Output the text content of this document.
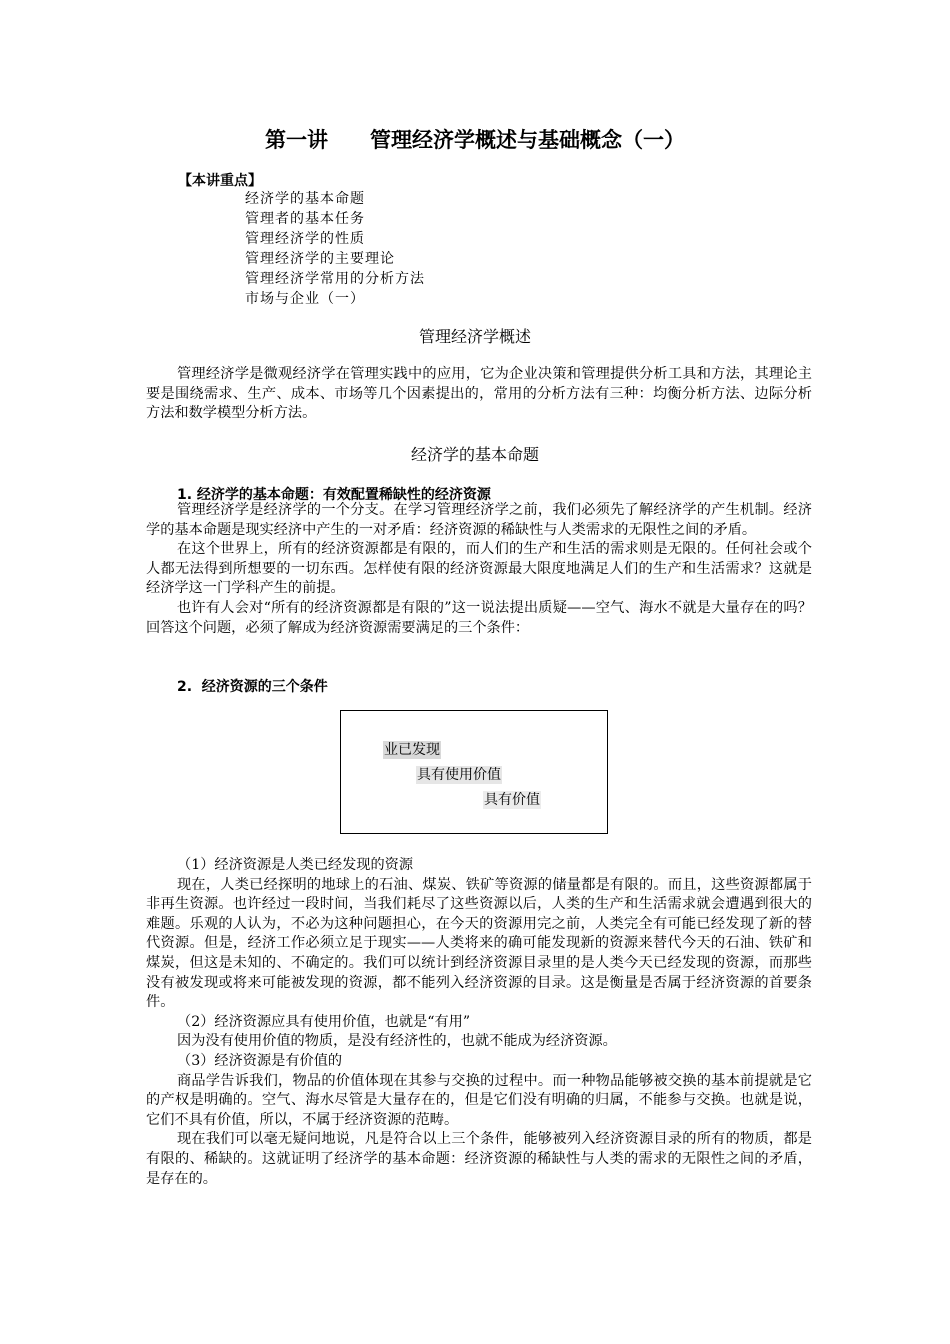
第一讲　　管理经济学概述与基础概念（一）
【本讲重点】
经济学的基本命题
管理者的基本任务
管理经济学的性质
管理经济学的主要理论
管理经济学常用的分析方法
市场与企业（一）
管理经济学概述

管理经济学是微观经济学在管理实践中的应用，它为企业决策和管理提供分析工具和方法，其理论主要是围绕需求、生产、成本、市场等几个因素提出的，常用的分析方法有三种：均衡分析方法、边际分析方法和数学模型分析方法。

经济学的基本命题
1. 经济学的基本命题：有效配置稀缺性的经济资源

管理经济学是经济学的一个分支。在学习管理经济学之前，我们必须先了解经济学的产生机制。经济学的基本命题是现实经济中产生的一对矛盾：经济资源的稀缺性与人类需求的无限性之间的矛盾。

在这个世界上，所有的经济资源都是有限的，而人们的生产和生活的需求则是无限的。任何社会或个人都无法得到所想要的一切东西。怎样使有限的经济资源最大限度地满足人们的生产和生活需求？这就是经济学这一门学科产生的前提。

也许有人会对“所有的经济资源都是有限的”这一说法提出质疑——空气、海水不就是大量存在的吗？回答这个问题，必须了解成为经济资源需要满足的三个条件：

2.  经济资源的三个条件
业已发现
具有使用价值
具有价值

（1）经济资源是人类已经发现的资源

现在，人类已经探明的地球上的石油、煤炭、铁矿等资源的储量都是有限的。而且，这些资源都属于非再生资源。也许经过一段时间，当我们耗尽了这些资源以后，人类的生产和生活需求就会遭遇到很大的难题。乐观的人认为，不必为这种问题担心，在今天的资源用完之前，人类完全有可能已经发现了新的替代资源。但是，经济工作必须立足于现实——人类将来的确可能发现新的资源来替代今天的石油、铁矿和煤炭，但这是未知的、不确定的。我们可以统计到经济资源目录里的是人类今天已经发现的资源，而那些没有被发现或将来可能被发现的资源，都不能列入经济资源的目录。这是衡量是否属于经济资源的首要条件。

（2）经济资源应具有使用价值，也就是“有用”

因为没有使用价值的物质，是没有经济性的，也就不能成为经济资源。

（3）经济资源是有价值的

商品学告诉我们，物品的价值体现在其参与交换的过程中。而一种物品能够被交换的基本前提就是它的产权是明确的。空气、海水尽管是大量存在的，但是它们没有明确的归属，不能参与交换。也就是说，它们不具有价值，所以，不属于经济资源的范畴。

现在我们可以毫无疑问地说，凡是符合以上三个条件，能够被列入经济资源目录的所有的物质，都是有限的、稀缺的。这就证明了经济学的基本命题：经济资源的稀缺性与人类的需求的无限性之间的矛盾，是存在的。
